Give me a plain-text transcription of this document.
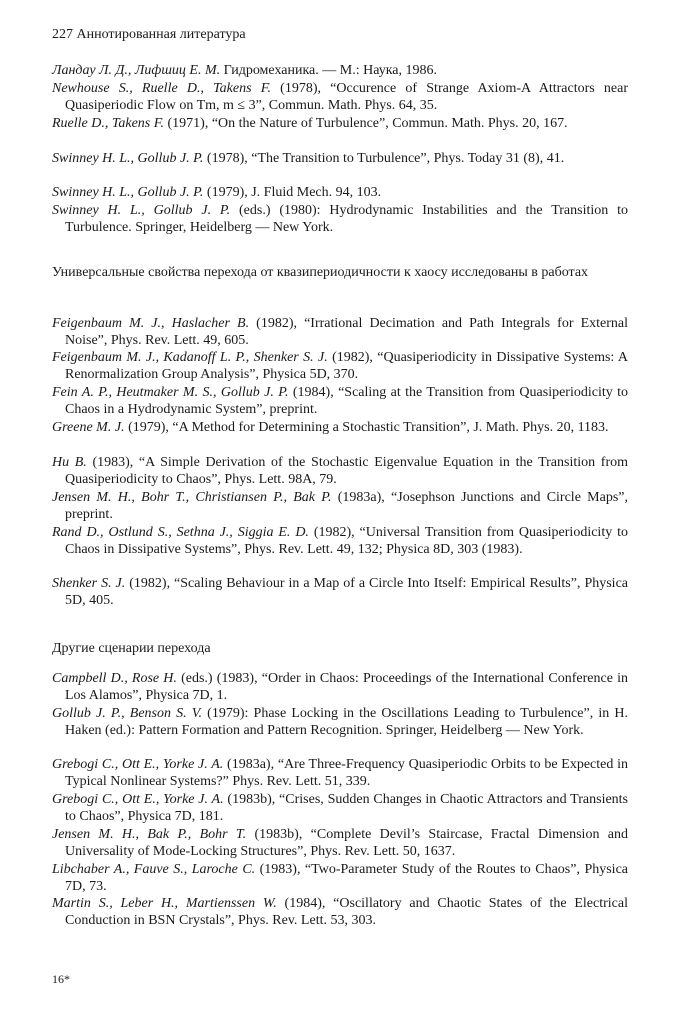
227 Аннотированная литература
Ландау Л. Д., Лифшиц Е. М. Гидромеханика. — М.: Наука, 1986.
Newhouse S., Ruelle D., Takens F. (1978), “Occurence of Strange Axiom-A Attractors near Quasiperiodic Flow on Tm, m ≤ 3”, Commun. Math. Phys. 64, 35.
Ruelle D., Takens F. (1971), “On the Nature of Turbulence”, Commun. Math. Phys. 20, 167.
Swinney H. L., Gollub J. P. (1978), “The Transition to Turbulence”, Phys. Today 31 (8), 41.
Swinney H. L., Gollub J. P. (1979), J. Fluid Mech. 94, 103.
Swinney H. L., Gollub J. P. (eds.) (1980): Hydrodynamic Instabilities and the Transition to Turbulence. Springer, Heidelberg — New York.
Универсальные свойства перехода от квазипериодичности к хаосу исследованы в работах
Feigenbaum M. J., Haslacher B. (1982), “Irrational Decimation and Path Integrals for External Noise”, Phys. Rev. Lett. 49, 605.
Feigenbaum M. J., Kadanoff L. P., Shenker S. J. (1982), “Quasiperiodicity in Dissipative Systems: A Renormalization Group Analysis”, Physica 5D, 370.
Fein A. P., Heutmaker M. S., Gollub J. P. (1984), “Scaling at the Transition from Quasiperiodicity to Chaos in a Hydrodynamic System”, preprint.
Greene M. J. (1979), “A Method for Determining a Stochastic Transition”, J. Math. Phys. 20, 1183.
Hu B. (1983), “A Simple Derivation of the Stochastic Eigenvalue Equation in the Transition from Quasiperiodicity to Chaos”, Phys. Lett. 98A, 79.
Jensen M. H., Bohr T., Christiansen P., Bak P. (1983a), “Josephson Junctions and Circle Maps”, preprint.
Rand D., Ostlund S., Sethna J., Siggia E. D. (1982), “Universal Transition from Quasiperiodicity to Chaos in Dissipative Systems”, Phys. Rev. Lett. 49, 132; Physica 8D, 303 (1983).
Shenker S. J. (1982), “Scaling Behaviour in a Map of a Circle Into Itself: Empirical Results”, Physica 5D, 405.
Другие сценарии перехода
Campbell D., Rose H. (eds.) (1983), “Order in Chaos: Proceedings of the International Conference in Los Alamos”, Physica 7D, 1.
Gollub J. P., Benson S. V. (1979): Phase Locking in the Oscillations Leading to Turbulence”, in H. Haken (ed.): Pattern Formation and Pattern Recognition. Springer, Heidelberg — New York.
Grebogi C., Ott E., Yorke J. A. (1983a), “Are Three-Frequency Quasiperiodic Orbits to be Expected in Typical Nonlinear Systems?” Phys. Rev. Lett. 51, 339.
Grebogi C., Ott E., Yorke J. A. (1983b), “Crises, Sudden Changes in Chaotic Attractors and Transients to Chaos”, Physica 7D, 181.
Jensen M. H., Bak P., Bohr T. (1983b), “Complete Devil’s Staircase, Fractal Dimension and Universality of Mode-Locking Structures”, Phys. Rev. Lett. 50, 1637.
Libchaber A., Fauve S., Laroche C. (1983), “Two-Parameter Study of the Routes to Chaos”, Physica 7D, 73.
Martin S., Leber H., Martienssen W. (1984), “Oscillatory and Chaotic States of the Electrical Conduction in BSN Crystals”, Phys. Rev. Lett. 53, 303.
16*
